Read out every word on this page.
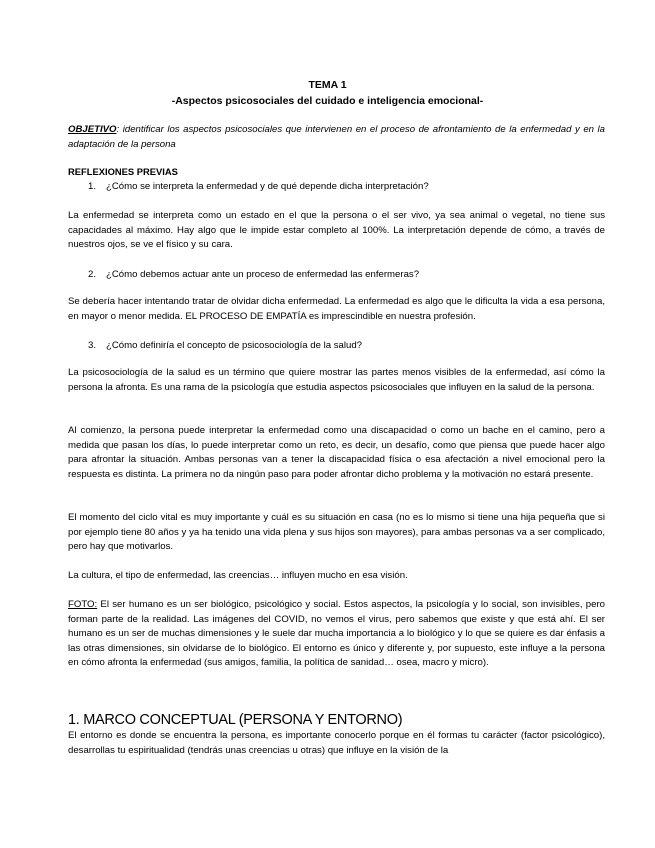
TEMA 1
-Aspectos psicosociales del cuidado e inteligencia emocional-
OBJETIVO: identificar los aspectos psicosociales que intervienen en el proceso de afrontamiento de la enfermedad y en la adaptación de la persona
REFLEXIONES PREVIAS
1. ¿Cómo se interpreta la enfermedad y de qué depende dicha interpretación?
La enfermedad se interpreta como un estado en el que la persona o el ser vivo, ya sea animal o vegetal, no tiene sus capacidades al máximo. Hay algo que le impide estar completo al 100%. La interpretación depende de cómo, a través de nuestros ojos, se ve el físico y su cara.
2. ¿Cómo debemos actuar ante un proceso de enfermedad las enfermeras?
Se debería hacer intentando tratar de olvidar dicha enfermedad. La enfermedad es algo que le dificulta la vida a esa persona, en mayor o menor medida. EL PROCESO DE EMPATÍA es imprescindible en nuestra profesión.
3. ¿Cómo definiría el concepto de psicosociología de la salud?
La psicosociología de la salud es un término que quiere mostrar las partes menos visibles de la enfermedad, así cómo la persona la afronta. Es una rama de la psicología que estudia aspectos psicosociales que influyen en la salud de la persona.
Al comienzo, la persona puede interpretar la enfermedad como una discapacidad o como un bache en el camino, pero a medida que pasan los días, lo puede interpretar como un reto, es decir, un desafío, como que piensa que puede hacer algo para afrontar la situación. Ambas personas van a tener la discapacidad física o esa afectación a nivel emocional pero la respuesta es distinta. La primera no da ningún paso para poder afrontar dicho problema y la motivación no estará presente.
El momento del ciclo vital es muy importante y cuál es su situación en casa (no es lo mismo si tiene una hija pequeña que si por ejemplo tiene 80 años y ya ha tenido una vida plena y sus hijos son mayores), para ambas personas va a ser complicado, pero hay que motivarlos.
La cultura, el tipo de enfermedad, las creencias… influyen mucho en esa visión.
FOTO: El ser humano es un ser biológico, psicológico y social. Estos aspectos, la psicología y lo social, son invisibles, pero forman parte de la realidad. Las imágenes del COVID, no vemos el virus, pero sabemos que existe y que está ahí. El ser humano es un ser de muchas dimensiones y le suele dar mucha importancia a lo biológico y lo que se quiere es dar énfasis a las otras dimensiones, sin olvidarse de lo biológico. El entorno es único y diferente y, por supuesto, este influye a la persona en cómo afronta la enfermedad (sus amigos, familia, la política de sanidad… osea, macro y micro).
1. MARCO CONCEPTUAL (PERSONA Y ENTORNO)
El entorno es donde se encuentra la persona, es importante conocerlo porque en él formas tu carácter (factor psicológico), desarrollas tu espiritualidad (tendrás unas creencias u otras) que influye en la visión de la
